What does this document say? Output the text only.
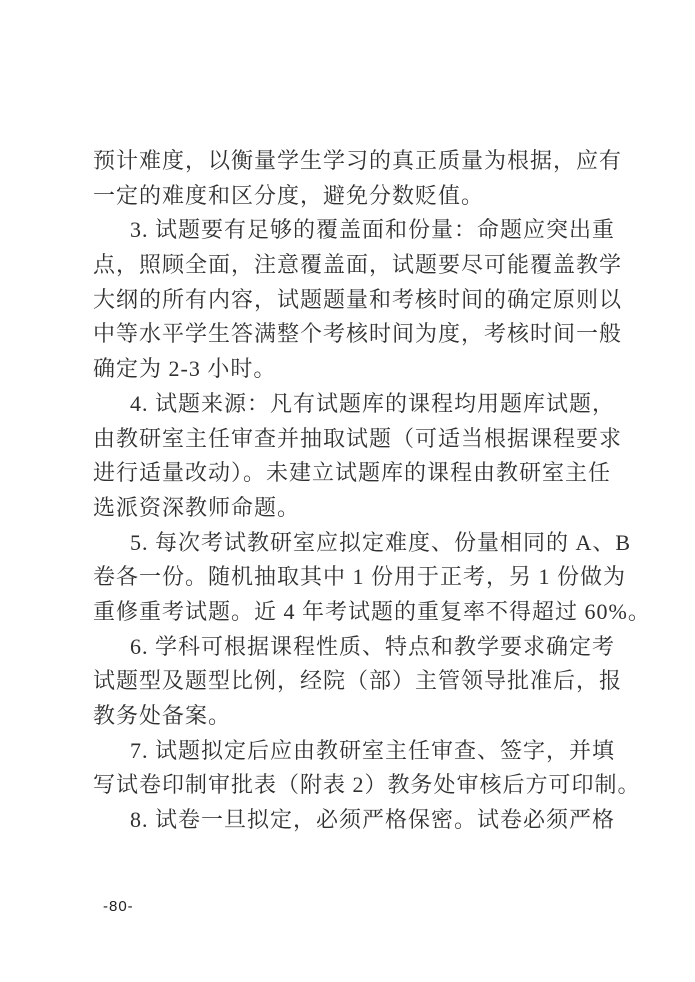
预计难度，以衡量学生学习的真正质量为根据，应有
一定的难度和区分度，避免分数贬值。
3. 试题要有足够的覆盖面和份量：命题应突出重
点，照顾全面，注意覆盖面，试题要尽可能覆盖教学
大纲的所有内容，试题题量和考核时间的确定原则以
中等水平学生答满整个考核时间为度，考核时间一般
确定为 2-3 小时。
4. 试题来源：凡有试题库的课程均用题库试题，
由教研室主任审查并抽取试题（可适当根据课程要求
进行适量改动）。未建立试题库的课程由教研室主任
选派资深教师命题。
5. 每次考试教研室应拟定难度、份量相同的 A、B
卷各一份。随机抽取其中 1 份用于正考，另 1 份做为
重修重考试题。近 4 年考试题的重复率不得超过 60%。
6. 学科可根据课程性质、特点和教学要求确定考
试题型及题型比例，经院（部）主管领导批准后，报
教务处备案。
7. 试题拟定后应由教研室主任审查、签字，并填
写试卷印制审批表（附表 2）教务处审核后方可印制。
8. 试卷一旦拟定，必须严格保密。试卷必须严格
-80-
